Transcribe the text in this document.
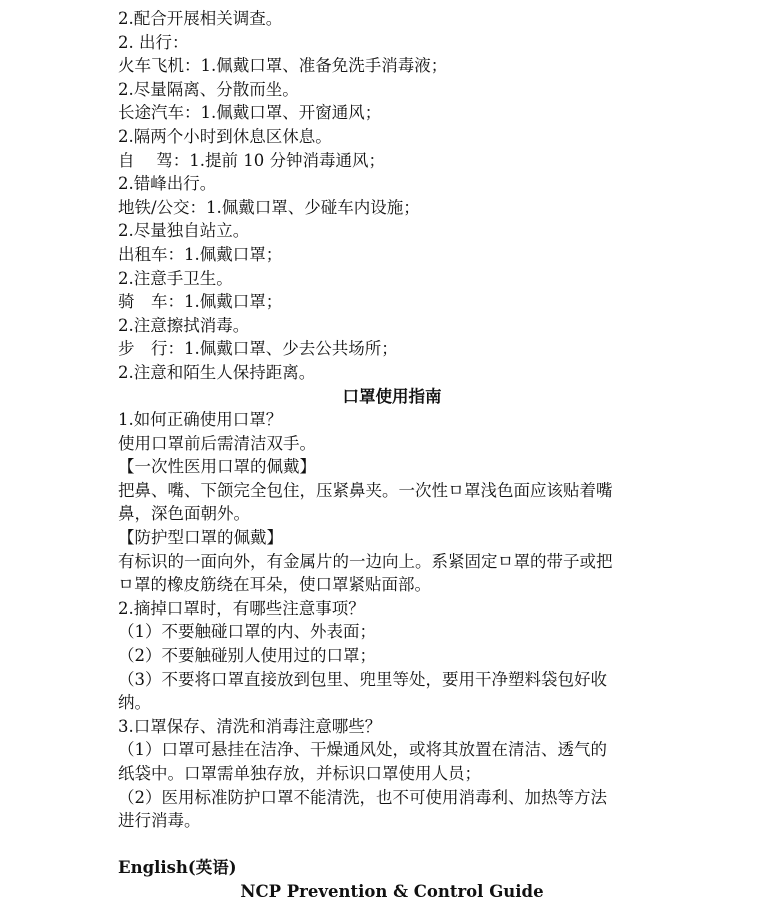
2.配合开展相关调查。

2. 出行：

火车飞机：1.佩戴口罩、准备免洗手消毒液；

2.尽量隔离、分散而坐。

长途汽车：1.佩戴口罩、开窗通风；

2.隔两个小时到休息区休息。

自　 驾：1.提前 10 分钟消毒通风；

2.错峰出行。

地铁/公交：1.佩戴口罩、少碰车内设施；

2.尽量独自站立。

出租车：1.佩戴口罩；

2.注意手卫生。

骑　车：1.佩戴口罩；

2.注意擦拭消毒。

步　行：1.佩戴口罩、少去公共场所；

2.注意和陌生人保持距离。

口罩使用指南

1.如何正确使用口罩？

使用口罩前后需清洁双手。

【一次性医用口罩的佩戴】

把鼻、嘴、下颌完全包住，压紧鼻夹。一次性ㅁ罩浅色面应该贴着嘴

鼻，深色面朝外。

【防护型口罩的佩戴】

有标识的一面向外，有金属片的一边向上。系紧固定ㅁ罩的带子或把

ㅁ罩的橡皮筋绕在耳朵，使口罩紧贴面部。

2.摘掉口罩时，有哪些注意事项？

（1）不要触碰口罩的内、外表面；

（2）不要触碰别人使用过的口罩；

（3）不要将口罩直接放到包里、兜里等处，要用干净塑料袋包好收

纳。

3.口罩保存、清洗和消毒注意哪些？

（1）口罩可悬挂在洁净、干燥通风处，或将其放置在清洁、透气的

纸袋中。口罩需单独存放，并标识口罩使用人员；

（2）医用标准防护口罩不能清洗，也不可使用消毒利、加热等方法

进行消毒。

English(英语)

NCP Prevention & Control Guide
